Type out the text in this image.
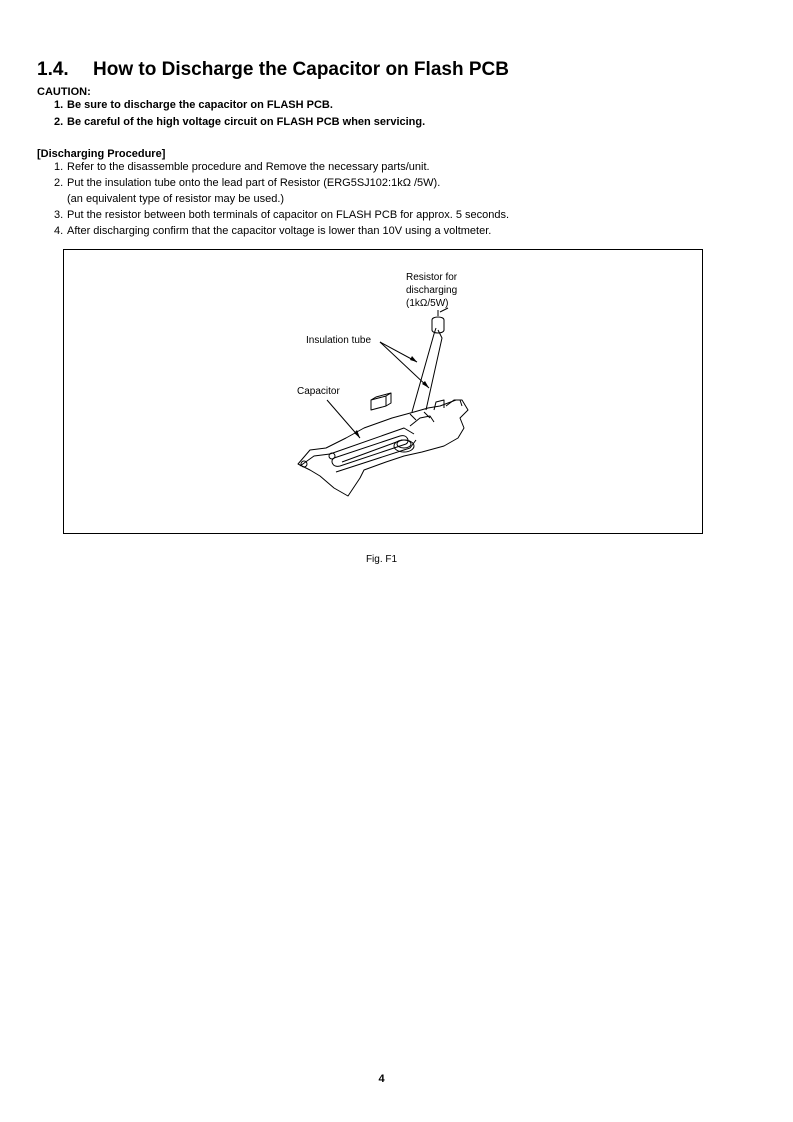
1.4. How to Discharge the Capacitor on Flash PCB
CAUTION:
1. Be sure to discharge the capacitor on FLASH PCB.
2. Be careful of the high voltage circuit on FLASH PCB when servicing.
[Discharging Procedure]
1. Refer to the disassemble procedure and Remove the necessary parts/unit.
2. Put the insulation tube onto the lead part of Resistor (ERG5SJ102:1kΩ /5W).
(an equivalent type of resistor may be used.)
3. Put the resistor between both terminals of capacitor on FLASH PCB for approx. 5 seconds.
4. After discharging confirm that the capacitor voltage is lower than 10V using a voltmeter.
Resistor for
discharging
(1kΩ/5W)
Insulation tube
Capacitor
Fig. F1
4
